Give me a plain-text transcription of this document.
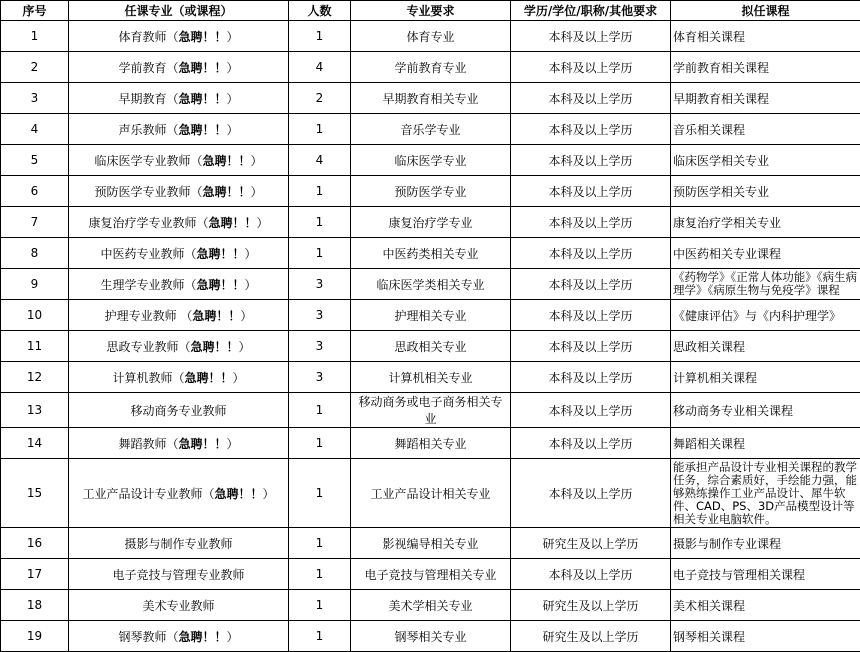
序号	任课专业（或课程）	人数	专业要求	学历/学位/职称/其他要求	拟任课程
1	体育教师（急聘！！）	1	体育专业	本科及以上学历	体育相关课程
2	学前教育（急聘！！）	4	学前教育专业	本科及以上学历	学前教育相关课程
3	早期教育（急聘！！）	2	早期教育相关专业	本科及以上学历	早期教育相关课程
4	声乐教师（急聘！！）	1	音乐学专业	本科及以上学历	音乐相关课程
5	临床医学专业教师（急聘！！）	4	临床医学专业	本科及以上学历	临床医学相关专业
6	预防医学专业教师（急聘！！）	1	预防医学专业	本科及以上学历	预防医学相关专业
7	康复治疗学专业教师（急聘！！）	1	康复治疗学专业	本科及以上学历	康复治疗学相关专业
8	中医药专业教师（急聘！！）	1	中医药类相关专业	本科及以上学历	中医药相关专业课程
9	生理学专业教师（急聘！！）	3	临床医学类相关专业	本科及以上学历	《药物学》《正常人体功能》《病生病理学》《病原生物与免疫学》课程
10	护理专业教师 （急聘！！）	3	护理相关专业	本科及以上学历	《健康评估》与《内科护理学》
11	思政专业教师（急聘！！）	3	思政相关专业	本科及以上学历	思政相关课程
12	计算机教师（急聘！！）	3	计算机相关专业	本科及以上学历	计算机相关课程
13	移动商务专业教师	1	移动商务或电子商务相关专业	本科及以上学历	移动商务专业相关课程
14	舞蹈教师（急聘！！）	1	舞蹈相关专业	本科及以上学历	舞蹈相关课程
15	工业产品设计专业教师（急聘！！）	1	工业产品设计相关专业	本科及以上学历	能承担产品设计专业相关课程的教学任务，综合素质好，手绘能力强，能够熟练操作工业产品设计、犀牛软件、CAD、PS、3D产品模型设计等相关专业电脑软件。
16	摄影与制作专业教师	1	影视编导相关专业	研究生及以上学历	摄影与制作专业课程
17	电子竞技与管理专业教师	1	电子竞技与管理相关专业	本科及以上学历	电子竞技与管理相关课程
18	美术专业教师	1	美术学相关专业	研究生及以上学历	美术相关课程
19	钢琴教师（急聘！！）	1	钢琴相关专业	研究生及以上学历	钢琴相关课程
